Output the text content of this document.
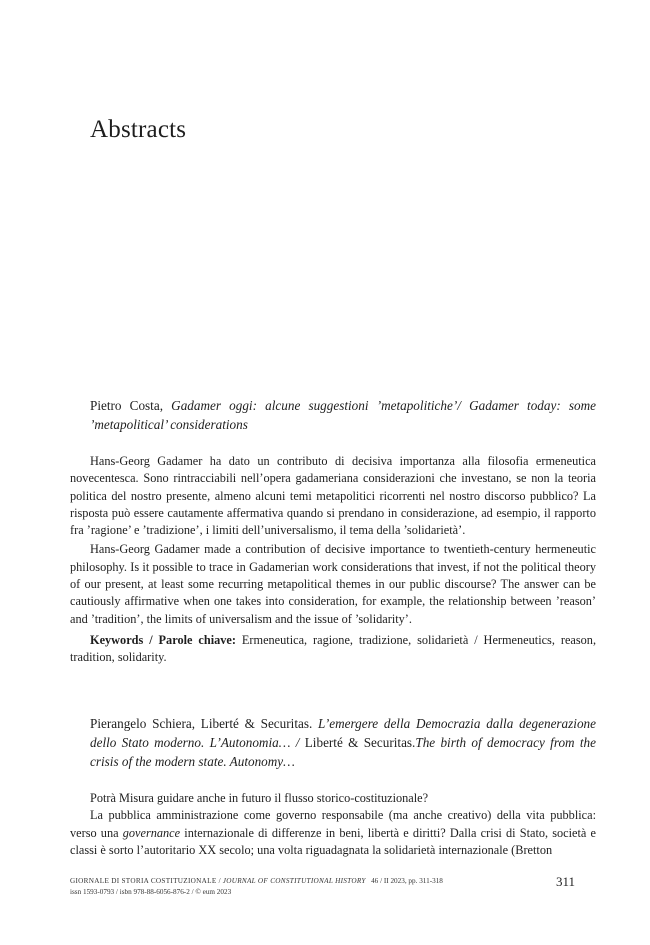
Abstracts

Pietro Costa, Gadamer oggi: alcune suggestioni ’metapolitiche’/ Gadamer today: some ’metapolitical’ considerations

Hans-Georg Gadamer ha dato un contributo di decisiva importanza alla filosofia ermeneutica novecentesca. Sono rintracciabili nell’opera gadameriana considerazioni che investano, se non la teoria politica del nostro presente, almeno alcuni temi metapolitici ricorrenti nel nostro discorso pubblico? La risposta può essere cautamente affermativa quando si prendano in considerazione, ad esempio, il rapporto fra ’ragione’ e ’tradizione’, i limiti dell’universalismo, il tema della ’solidarietà’.

Hans-Georg Gadamer made a contribution of decisive importance to twentieth-century hermeneutic philosophy. Is it possible to trace in Gadamerian work considerations that invest, if not the political theory of our present, at least some recurring metapolitical themes in our public discourse? The answer can be cautiously affirmative when one takes into consideration, for example, the relationship between ’reason’ and ’tradition’, the limits of universalism and the issue of ’solidarity’.

Keywords / Parole chiave: Ermeneutica, ragione, tradizione, solidarietà / Hermeneutics, reason, tradition, solidarity.

Pierangelo Schiera, Liberté & Securitas. L’emergere della Democrazia dalla degenerazione dello Stato moderno. L’Autonomia… / Liberté & Securitas.The birth of democracy from the crisis of the modern state. Autonomy…

Potrà Misura guidare anche in futuro il flusso storico-costituzionale?

La pubblica amministrazione come governo responsabile (ma anche creativo) della vita pubblica: verso una governance internazionale di differenze in beni, libertà e diritti? Dalla crisi di Stato, società e classi è sorto l’autoritario XX secolo; una volta riguadagnata la solidarietà internazionale (Bretton

GIORNALE DI STORIA COSTITUZIONALE / JOURNAL OF CONSTITUTIONAL HISTORY 46 / II 2023, pp. 311-318
issn 1593-0793 / isbn 978-88-6056-876-2 / © eum 2023
311
